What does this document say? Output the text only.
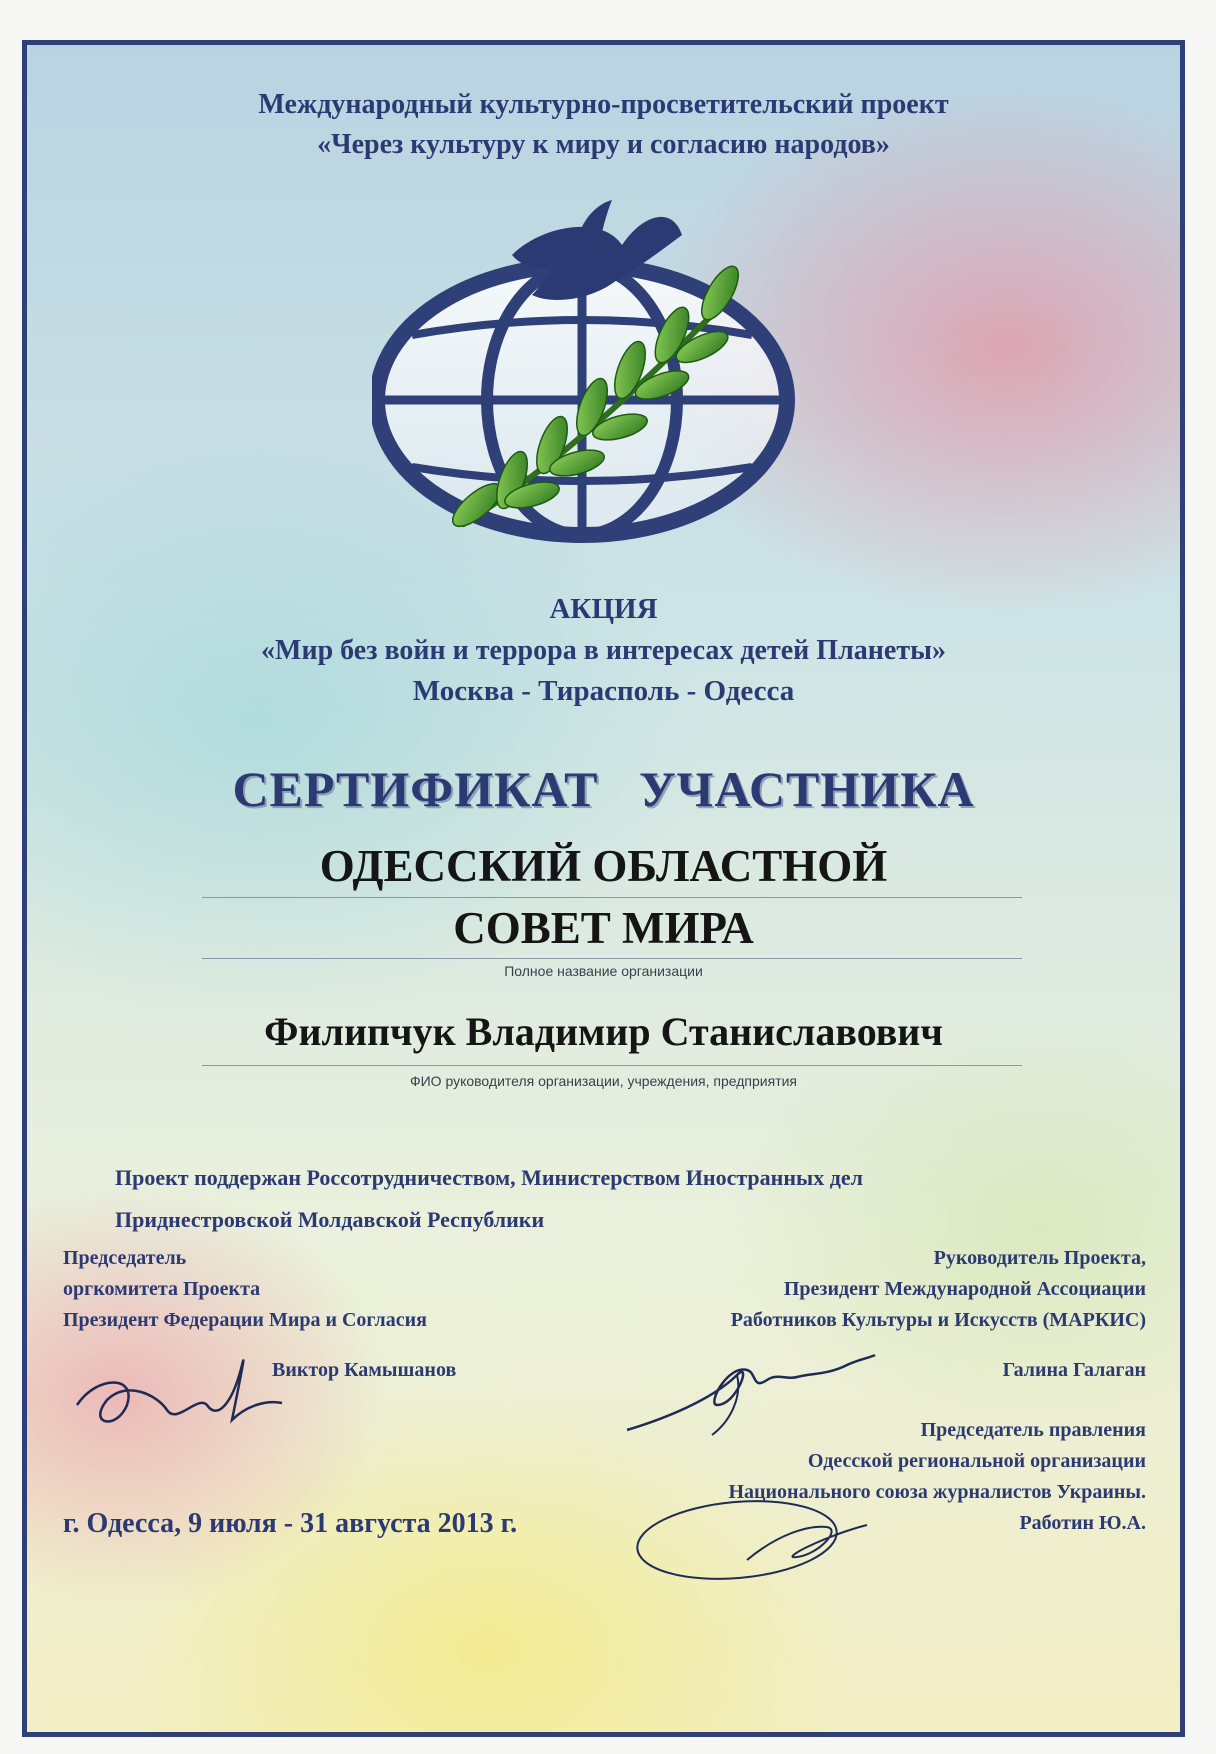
Международный культурно-просветительский проект
«Через культуру к миру и согласию народов»
АКЦИЯ
«Мир без войн и террора в интересах детей Планеты»
Москва - Тирасполь - Одесса
СЕРТИФИКАТ   УЧАСТНИКА
ОДЕССКИЙ ОБЛАСТНОЙ
СОВЕТ МИРА
Полное название организации
Филипчук Владимир Станиславович
ФИО руководителя организации, учреждения, предприятия
Проект поддержан Россотрудничеством, Министерством Иностранных дел
Приднестровской Молдавской Республики
Председатель
оргкомитета Проекта
Президент Федерации Мира и Согласия
Виктор Камышанов
Руководитель Проекта,
Президент Международной Ассоциации
Работников Культуры и Искусств (МАРКИС)
Галина Галаган
Председатель правления
Одесской региональной организации
Национального союза журналистов Украины.
Работин Ю.А.
г. Одесса, 9 июля - 31 августа 2013 г.
